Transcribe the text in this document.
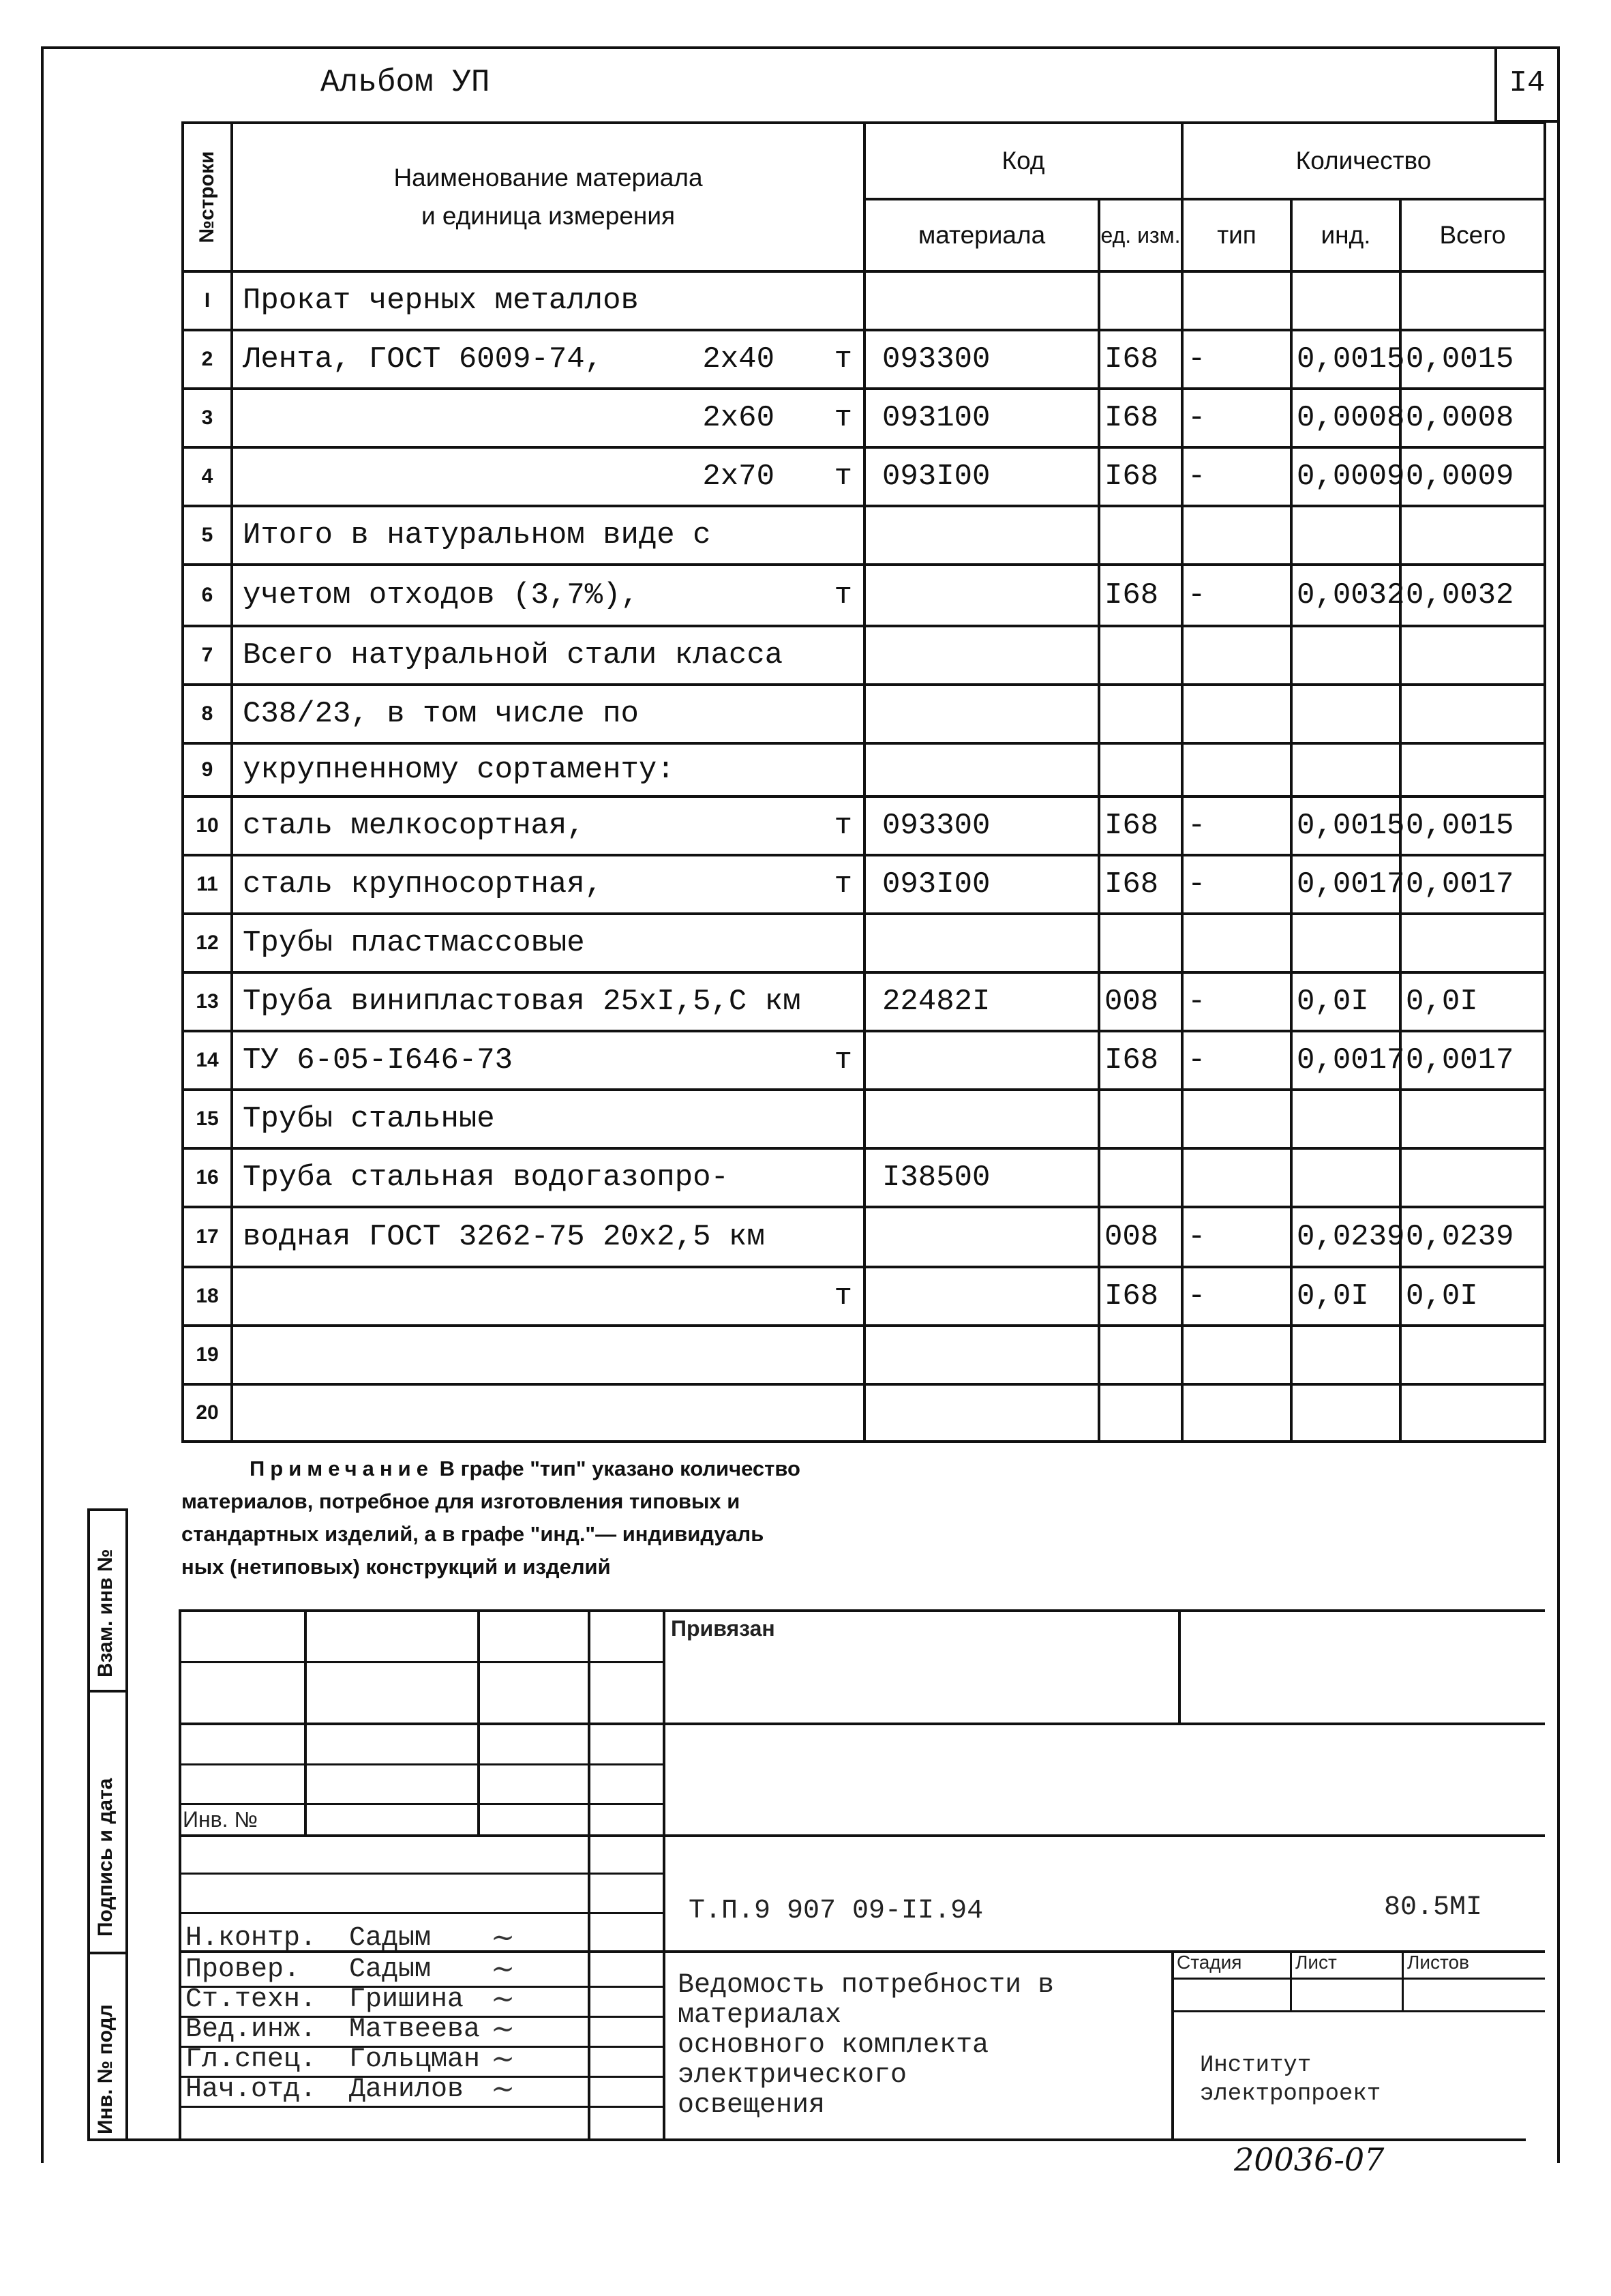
Альбом УП	I4
№строки	Наименование материала
и единица измерения	Код		Количество		
		материала	ед. изм.	тип	инд.	Всего
I	Прокат черных металлов

2	Лента, ГОСТ 6009-74, 2х40 т	093300	I68	-	0,0015	0,0015
3	2х60 т	093100	I68	-	0,0008	0,0008
4	2х70 т	093I00	I68	-	0,0009	0,0009
5	Итого в натуральном виде с

6	учетом отходов (3,7%), т		I68	-	0,0032	0,0032
7	Всего натуральной стали класса

8	С38/23, в том числе по

9	укрупненному сортаменту:

10	сталь мелкосортная, т	093300	I68	-	0,0015	0,0015
11	сталь крупносортная, т	093I00	I68	-	0,0017	0,0017
12	Трубы пластмассовые

13	Труба винипластовая 25хI,5,С км	22482I	008	-	0,0I	0,0I
14	ТУ 6-05-I646-73 т		I68	-	0,0017	0,0017
15	Трубы стальные

16	Труба стальная водогазопро-	I38500				
17	водная ГОСТ 3262-75 20х2,5 км		008	-	0,0239	0,0239
18	т		I68	-	0,0I	0,0I
19	

20	

Примечание В графе "тип" указано количество
материалов, потребное для изготовления типовых и
стандартных изделий, а в графе "инд."— индивидуаль
ных (нетиповых) конструкций и изделий
Взам. инв №
Подпись и дата
Инв. № подл
Привязан
Инв. №
Т.П.9 907 09-II.94	80.5МI
Н.контр. Садым ∼
Провер. Садым ∼
Ст.техн. Гришина ∼
Вед.инж. Матвеева ∼
Гл.спец. Гольцман ∼
Нач.отд. Данилов ∼
Ведомость потребности в
материалах
основного комплекта
электрического
освещения
Стадия	Лист	Листов
Институт
электропроект
20036-07
